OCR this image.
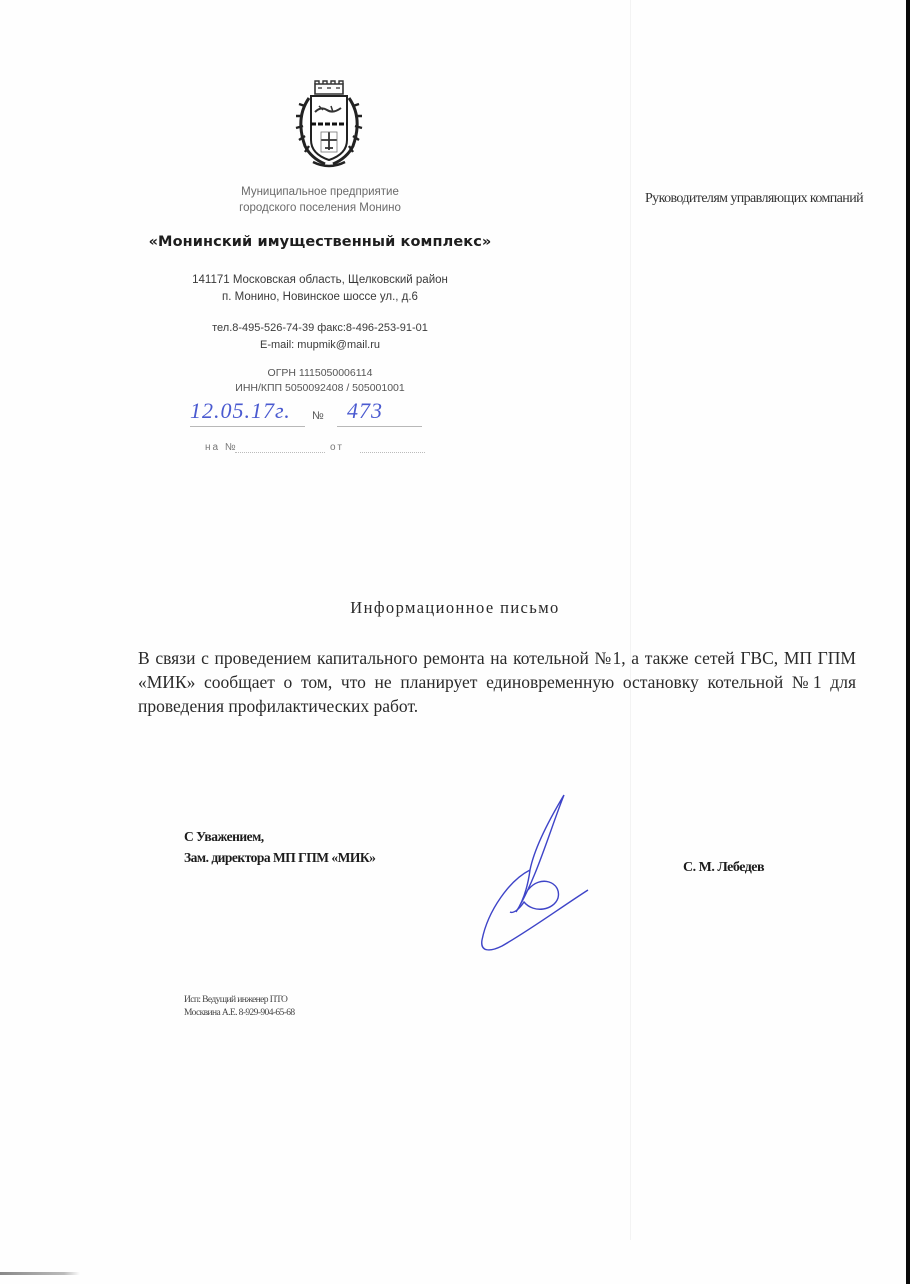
Муниципальное предприятие
городского поселения Монино
«Монинский имущественный комплекс»
141171 Московская область, Щелковский район
п. Монино, Новинское шоссе ул., д.6
тел.8-495-526-74-39 факс:8-496-253-91-01
E-mail: mupmik@mail.ru
ОГРН 1115050006114
ИНН/КПП 5050092408 / 505001001
12.05.17г.	№	473
на №	от
Руководителям управляющих компаний
Информационное письмо
В связи с проведением капитального ремонта на котельной №1, а также сетей ГВС, МП ГПМ «МИК» сообщает о том, что не планирует единовременную остановку котельной №1 для проведения профилактических работ.
С Уважением,
Зам. директора МП ГПМ «МИК»
С. М. Лебедев
Исп: Ведущий инженер ПТО
Москвина А.Е. 8-929-904-65-68
